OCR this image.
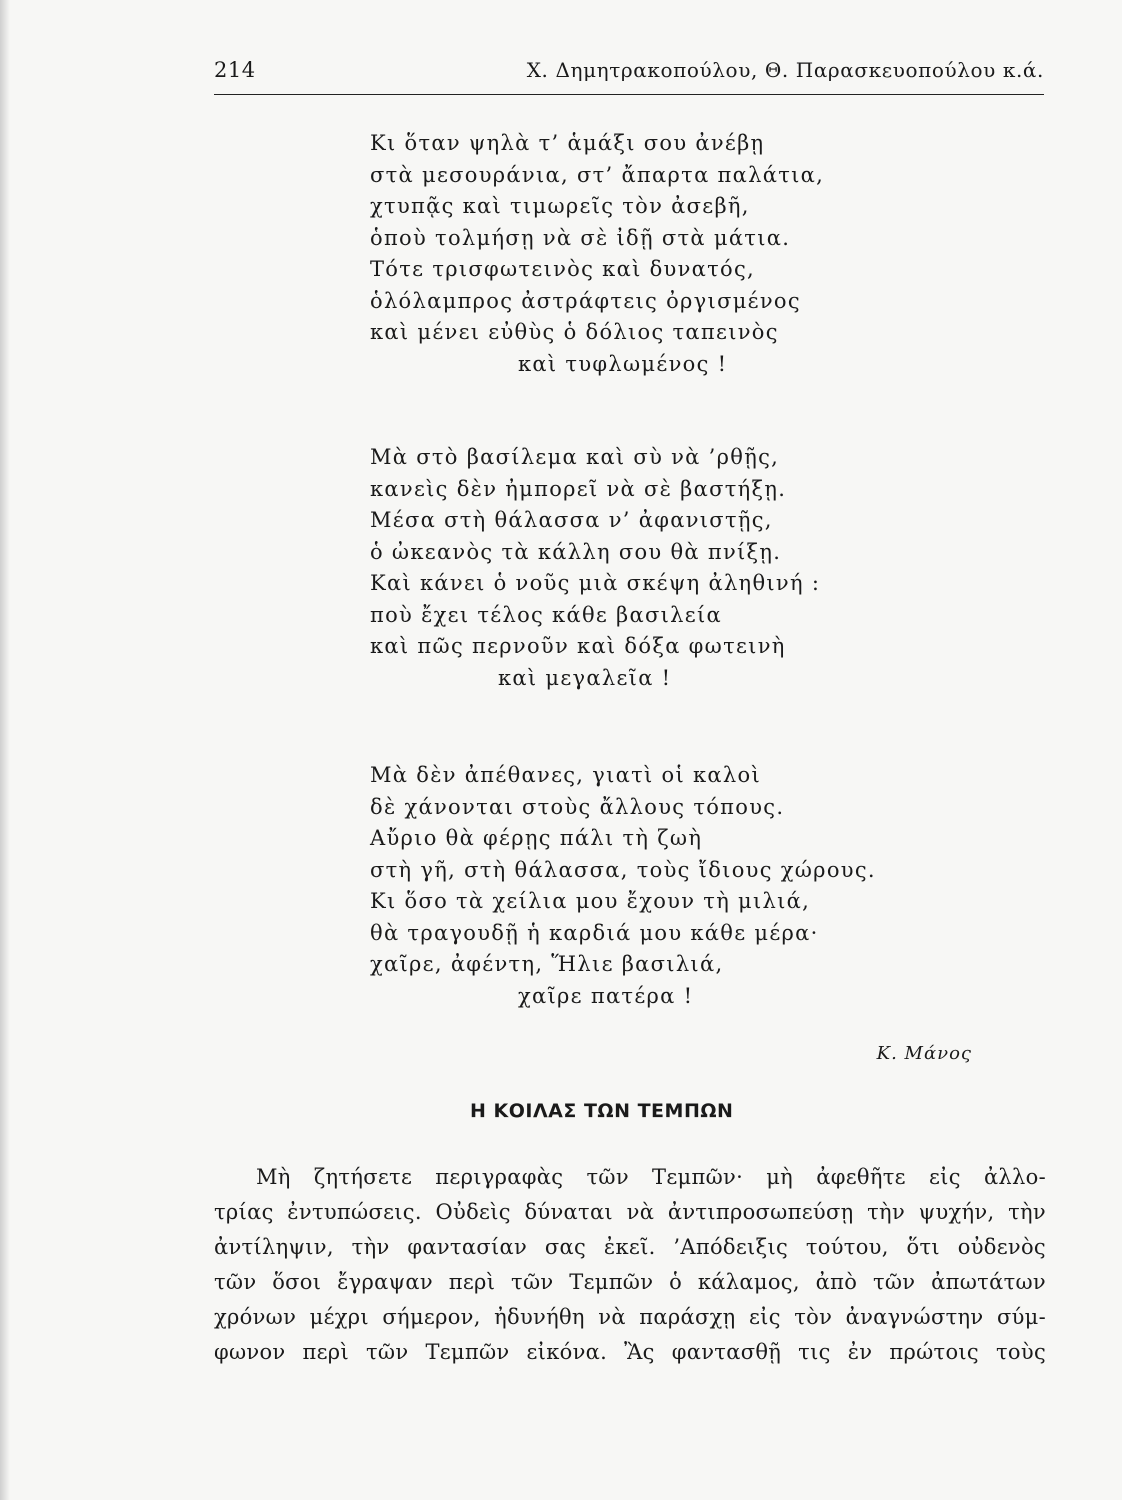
214	Χ. Δημητρακοπούλου, Θ. Παρασκευοπούλου κ.ά.
Κι ὅταν ψηλὰ τ’ ἁμάξι σου ἀνέβῃ
στὰ μεσουράνια, στ’ ἄπαρτα παλάτια,
χτυπᾷς καὶ τιμωρεῖς τὸν ἀσεβῆ,
ὁποὺ τολμήσῃ νὰ σὲ ἰδῇ στὰ μάτια.
Τότε τρισφωτεινὸς καὶ δυνατός,
ὁλόλαμπρος ἀστράφτεις ὀργισμένος
καὶ μένει εὐθὺς ὁ δόλιος ταπεινὸς
καὶ τυφλωμένος !
Μὰ στὸ βασίλεμα καὶ σὺ νὰ ’ρθῇς,
κανεὶς δὲν ἠμπορεῖ νὰ σὲ βαστήξῃ.
Μέσα στὴ θάλασσα ν’ ἀφανιστῇς,
ὁ ὠκεανὸς τὰ κάλλη σου θὰ πνίξῃ.
Καὶ κάνει ὁ νοῦς μιὰ σκέψη ἀληθινή :
ποὺ ἔχει τέλος κάθε βασιλεία
καὶ πῶς περνοῦν καὶ δόξα φωτεινὴ
καὶ μεγαλεῖα !
Μὰ δὲν ἀπέθανες, γιατὶ οἱ καλοὶ
δὲ χάνονται στοὺς ἄλλους τόπους.
Αὔριο θὰ φέρῃς πάλι τὴ ζωὴ
στὴ γῆ, στὴ θάλασσα, τοὺς ἴδιους χώρους.
Κι ὅσο τὰ χείλια μου ἔχουν τὴ μιλιά,
θὰ τραγουδῇ ἡ καρδιά μου κάθε μέρα·
χαῖρε, ἀφέντη, Ἥλιε βασιλιά,
χαῖρε πατέρα !
Κ. Μάνος
Η ΚΟΙΛΑΣ ΤΩΝ ΤΕΜΠΩΝ
Μὴ ζητήσετε περιγραφὰς τῶν Τεμπῶν· μὴ ἀφεθῆτε εἰς ἀλλο-
τρίας ἐντυπώσεις. Οὐδεὶς δύναται νὰ ἀντιπροσωπεύσῃ τὴν ψυχήν, τὴν
ἀντίληψιν, τὴν φαντασίαν σας ἐκεῖ. ’Απόδειξις τούτου, ὅτι οὐδενὸς
τῶν ὅσοι ἔγραψαν περὶ τῶν Τεμπῶν ὁ κάλαμος, ἀπὸ τῶν ἀπωτάτων
χρόνων μέχρι σήμερον, ἠδυνήθη νὰ παράσχῃ εἰς τὸν ἀναγνώστην σύμ-
φωνον περὶ τῶν Τεμπῶν εἰκόνα. Ἂς φαντασθῇ τις ἐν πρώτοις τοὺς
